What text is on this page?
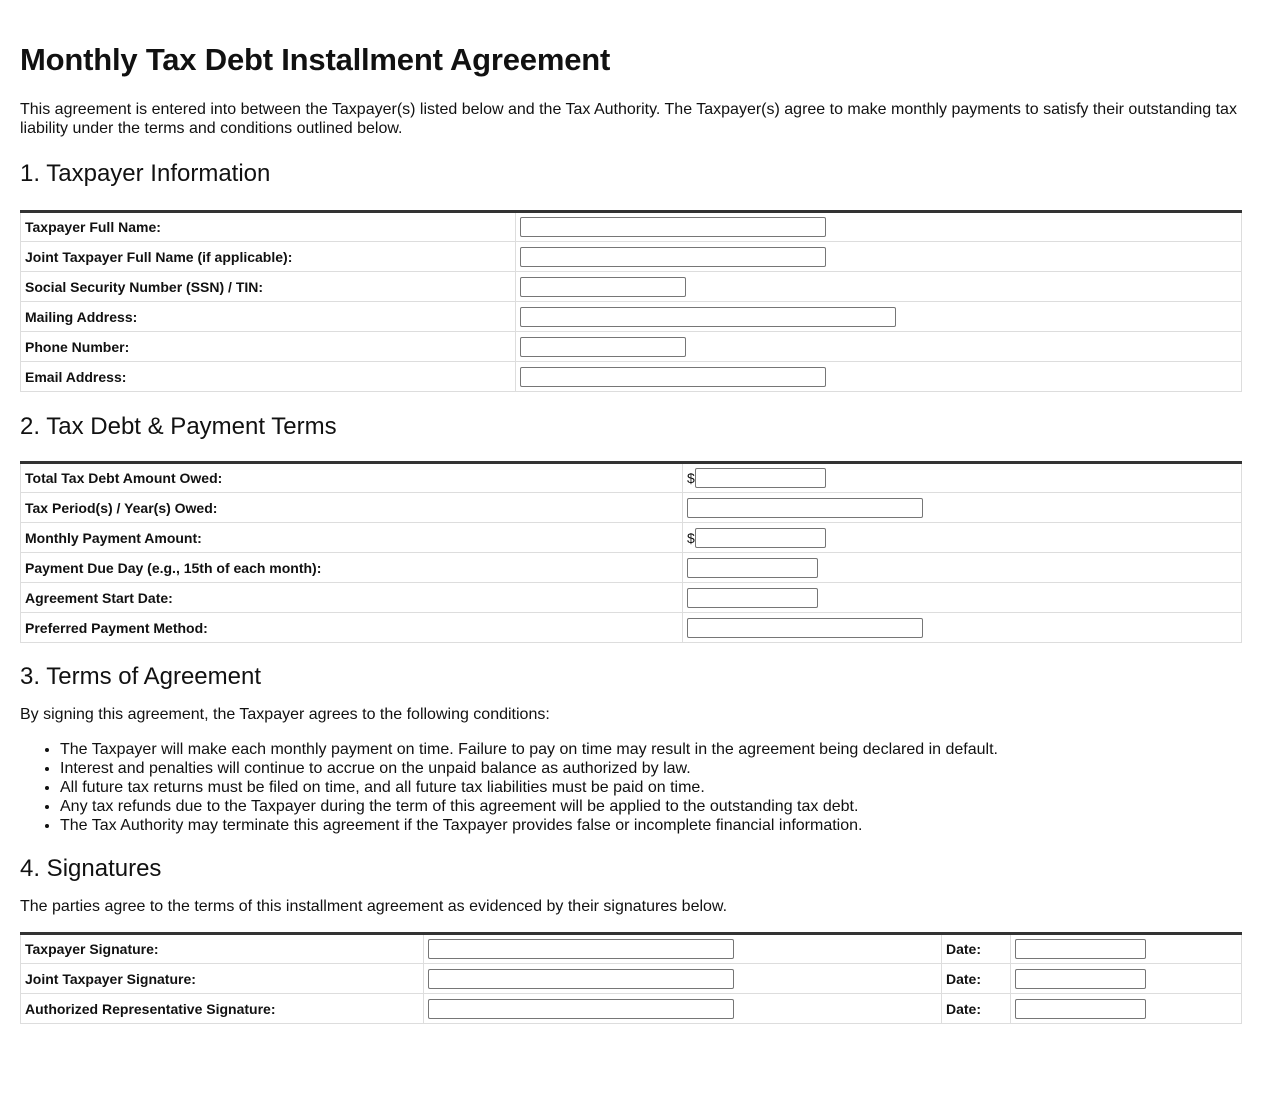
Monthly Tax Debt Installment Agreement

This agreement is entered into between the Taxpayer(s) listed below and the Tax Authority. The Taxpayer(s) agree to make monthly payments to satisfy their outstanding tax liability under the terms and conditions outlined below.

1. Taxpayer Information
Taxpayer Full Name:	
Joint Taxpayer Full Name (if applicable):	
Social Security Number (SSN) / TIN:	
Mailing Address:	
Phone Number:	
Email Address:	
2. Tax Debt & Payment Terms
Total Tax Debt Amount Owed:	$

Tax Period(s) / Year(s) Owed:	
Monthly Payment Amount:	$

Payment Due Day (e.g., 15th of each month):	
Agreement Start Date:	
Preferred Payment Method:	
3. Terms of Agreement

By signing this agreement, the Taxpayer agrees to the following conditions:

• The Taxpayer will make each monthly payment on time. Failure to pay on time may result in the agreement being declared in default.
• Interest and penalties will continue to accrue on the unpaid balance as authorized by law.
• All future tax returns must be filed on time, and all future tax liabilities must be paid on time.
• Any tax refunds due to the Taxpayer during the term of this agreement will be applied to the outstanding tax debt.
• The Tax Authority may terminate this agreement if the Taxpayer provides false or incomplete financial information.
4. Signatures

The parties agree to the terms of this installment agreement as evidenced by their signatures below.

Taxpayer Signature:		Date:	
Joint Taxpayer Signature:		Date:	
Authorized Representative Signature:		Date:	
